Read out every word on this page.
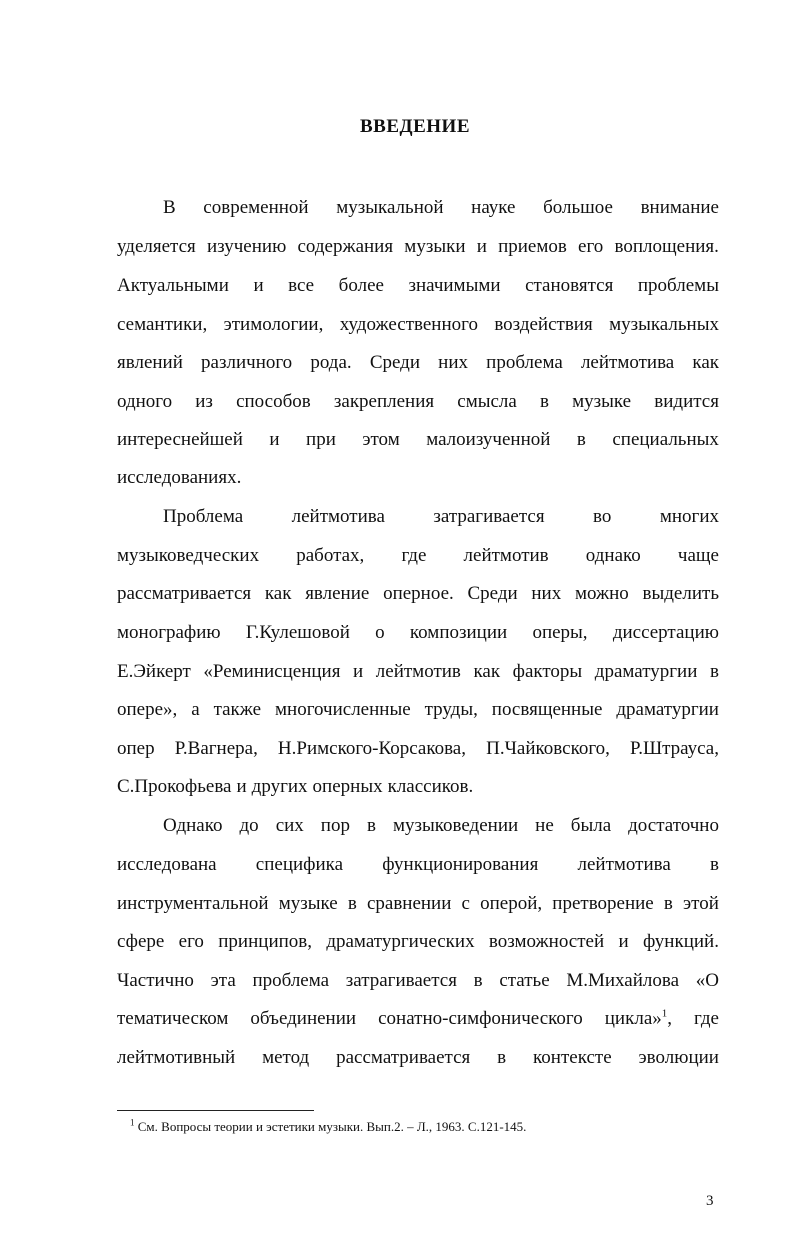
ВВЕДЕНИЕ
В современной музыкальной науке большое внимание
уделяется изучению содержания музыки и приемов его воплощения.
Актуальными и все более значимыми становятся проблемы
семантики, этимологии, художественного воздействия музыкальных
явлений различного рода. Среди них проблема лейтмотива как
одного из способов закрепления смысла в музыке видится
интереснейшей и при этом малоизученной в специальных
исследованиях.
Проблема	лейтмотива	затрагивается	во	многих
музыковедческих работах, где лейтмотив однако чаще
рассматривается как явление оперное. Среди них можно выделить
монографию Г.Кулешовой о композиции оперы, диссертацию
Е.Эйкерт «Реминисценция и лейтмотив как факторы драматургии в
опере», а также многочисленные труды, посвященные драматургии
опер Р.Вагнера, Н.Римского-Корсакова, П.Чайковского, Р.Штрауса,
С.Прокофьева и других оперных классиков.
Однако до сих пор в музыковедении не была достаточно
исследована специфика функционирования лейтмотива в
инструментальной музыке в сравнении с оперой, претворение в этой
сфере его принципов, драматургических возможностей и функций.
Частично эта проблема затрагивается в статье М.Михайлова «О
тематическом объединении сонатно-симфонического цикла»$^1$, где
лейтмотивный метод рассматривается в контексте эволюции
$^1$ См. Вопросы теории и эстетики музыки. Вып.2. – Л., 1963. С.121-145.
3
